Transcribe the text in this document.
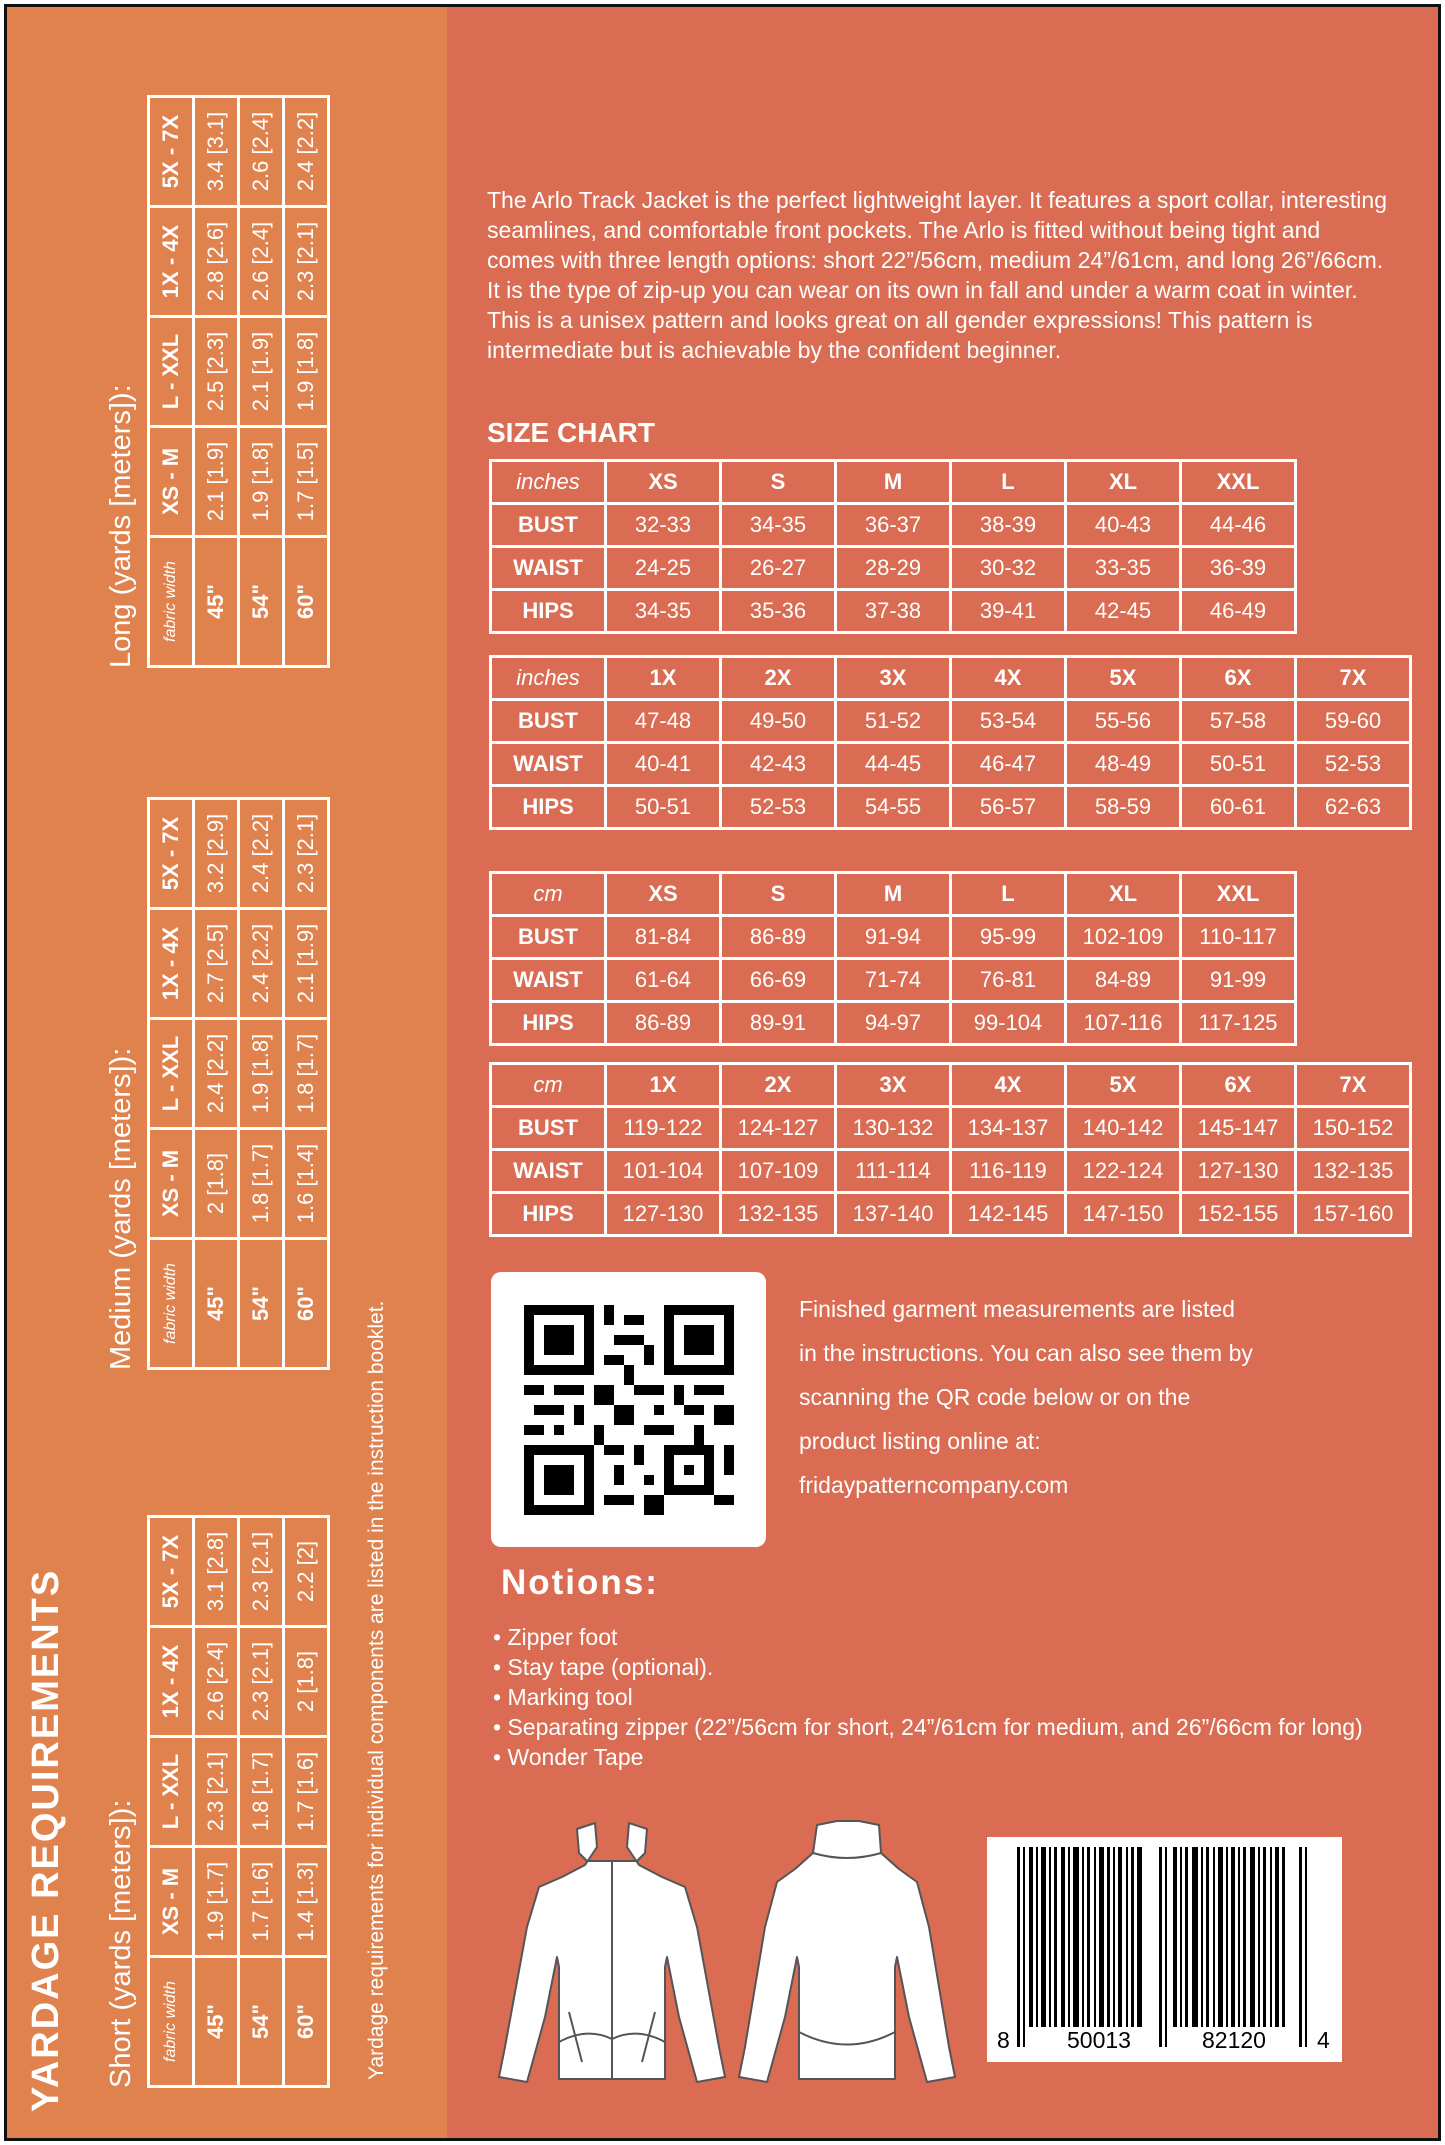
YARDAGE REQUIREMENTS	Yardage requirements for individual components are listed in the instruction booklet.
Short (yards [meters]): fabric width	XS - M	L - XXL	1X - 4X	5X - 7X
45"	1.9 [1.7]	2.3 [2.1]	2.6 [2.4]	3.1 [2.8]
54"	1.7 [1.6]	1.8 [1.7]	2.3 [2.1]	2.3 [2.1]
60"	1.4 [1.3]	1.7 [1.6]	2 [1.8]	2.2 [2]
Medium (yards [meters]): fabric width	XS - M	L - XXL	1X - 4X	5X - 7X
45"	2 [1.8]	2.4 [2.2]	2.7 [2.5]	3.2 [2.9]
54"	1.8 [1.7]	1.9 [1.8]	2.4 [2.2]	2.4 [2.2]
60"	1.6 [1.4]	1.8 [1.7]	2.1 [1.9]	2.3 [2.1]
Long (yards [meters]): fabric width	XS - M	L - XXL	1X - 4X	5X - 7X
45"	2.1 [1.9]	2.5 [2.3]	2.8 [2.6]	3.4 [3.1]
54"	1.9 [1.8]	2.1 [1.9]	2.6 [2.4]	2.6 [2.4]
60"	1.7 [1.5]	1.9 [1.8]	2.3 [2.1]	2.4 [2.2]

The Arlo Track Jacket is the perfect lightweight layer. It features a sport collar, interesting seamlines, and comfortable front pockets. The Arlo is fitted without being tight and comes with three length options: short 22”/56cm, medium 24”/61cm, and long 26”/66cm. It is the type of zip-up you can wear on its own in fall and under a warm coat in winter. This is a unisex pattern and looks great on all gender expressions! This pattern is intermediate but is achievable by the confident beginner.

SIZE CHART
inches	XS	S	M	L	XL	XXL
BUST	32-33	34-35	36-37	38-39	40-43	44-46
WAIST	24-25	26-27	28-29	30-32	33-35	36-39
HIPS	34-35	35-36	37-38	39-41	42-45	46-49
inches	1X	2X	3X	4X	5X	6X	7X
BUST	47-48	49-50	51-52	53-54	55-56	57-58	59-60
WAIST	40-41	42-43	44-45	46-47	48-49	50-51	52-53
HIPS	50-51	52-53	54-55	56-57	58-59	60-61	62-63
cm	XS	S	M	L	XL	XXL
BUST	81-84	86-89	91-94	95-99	102-109	110-117
WAIST	61-64	66-69	71-74	76-81	84-89	91-99
HIPS	86-89	89-91	94-97	99-104	107-116	117-125
cm	1X	2X	3X	4X	5X	6X	7X
BUST	119-122	124-127	130-132	134-137	140-142	145-147	150-152
WAIST	101-104	107-109	111-114	116-119	122-124	127-130	132-135
HIPS	127-130	132-135	137-140	142-145	147-150	152-155	157-160

Finished garment measurements are listed in the instructions. You can also see them by scanning the QR code below or on the product listing online at: fridaypatterncompany.com

Notions:
• Zipper foot
• Stay tape (optional).
• Marking tool
• Separating zipper (22”/56cm for short, 24”/61cm for medium, and 26”/66cm for long)
• Wonder Tape
8 50013	82120 4
